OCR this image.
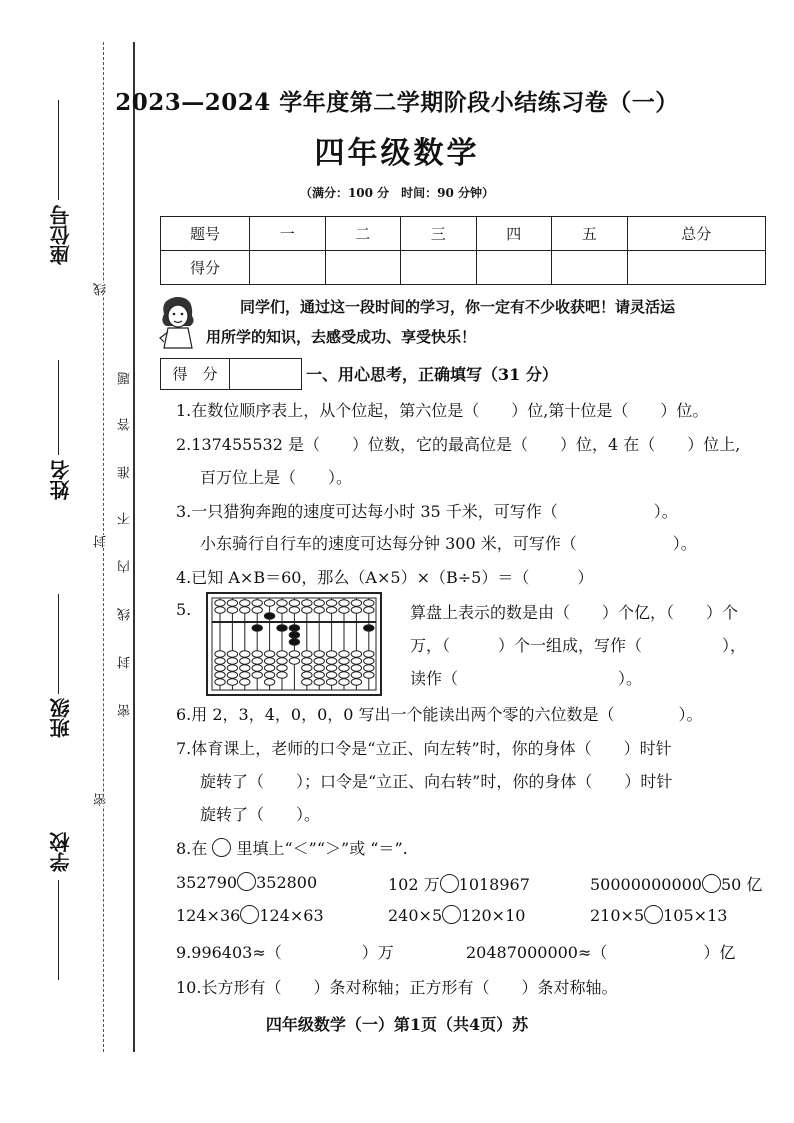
座位号
姓名
班级
学校
线
封
密
题
答
准
不
内
线
封
密
2023—2024 学年度第二学期阶段小结练习卷（一）
四年级数学
（满分：100 分　时间：90 分钟）
题号	一	二	三	四	五	总分
得分						
同学们，通过这一段时间的学习，你一定有不少收获吧！请灵活运
用所学的知识，去感受成功、享受快乐！
得　分	一、用心思考，正确填写（31 分）
1.在数位顺序表上，从个位起，第六位是（　　）位,第十位是（　　）位。
2.137455532 是（　　）位数，它的最高位是（　　）位，4 在（　　）位上,
百万位上是（　　）。
3.一只猎狗奔跑的速度可达每小时 35 千米，可写作（　　　　　　）。
小东骑行自行车的速度可达每分钟 300 米，可写作（　　　　　　）。
4.已知 A×B＝60，那么（A×5）×（B÷5）＝（　　　）
5.	算盘上表示的数是由（　　）个亿，（　　）个
万，（　　　）个一组成，写作（　　　　　），
读作（　　　　　　　　　　）。
6.用 2，3，4，0，0，0 写出一个能读出两个零的六位数是（　　　　）。
7.体育课上，老师的口令是“立正、向左转”时，你的身体（　　）时针
旋转了（　　）；口令是“立正、向右转”时，你的身体（　　）时针
旋转了（　　）。
8.在 里填上“＜”“＞”或 “＝”.
352790 352800	102 万 1018967	50000000000 50 亿
124×36 124×63	240×5 120×10	210×5 105×13
9.996403≈（　　　　　）万	20487000000≈（　　　　　　）亿
10.长方形有（　　）条对称轴；正方形有（　　）条对称轴。
四年级数学（一）第1页（共4页）苏
